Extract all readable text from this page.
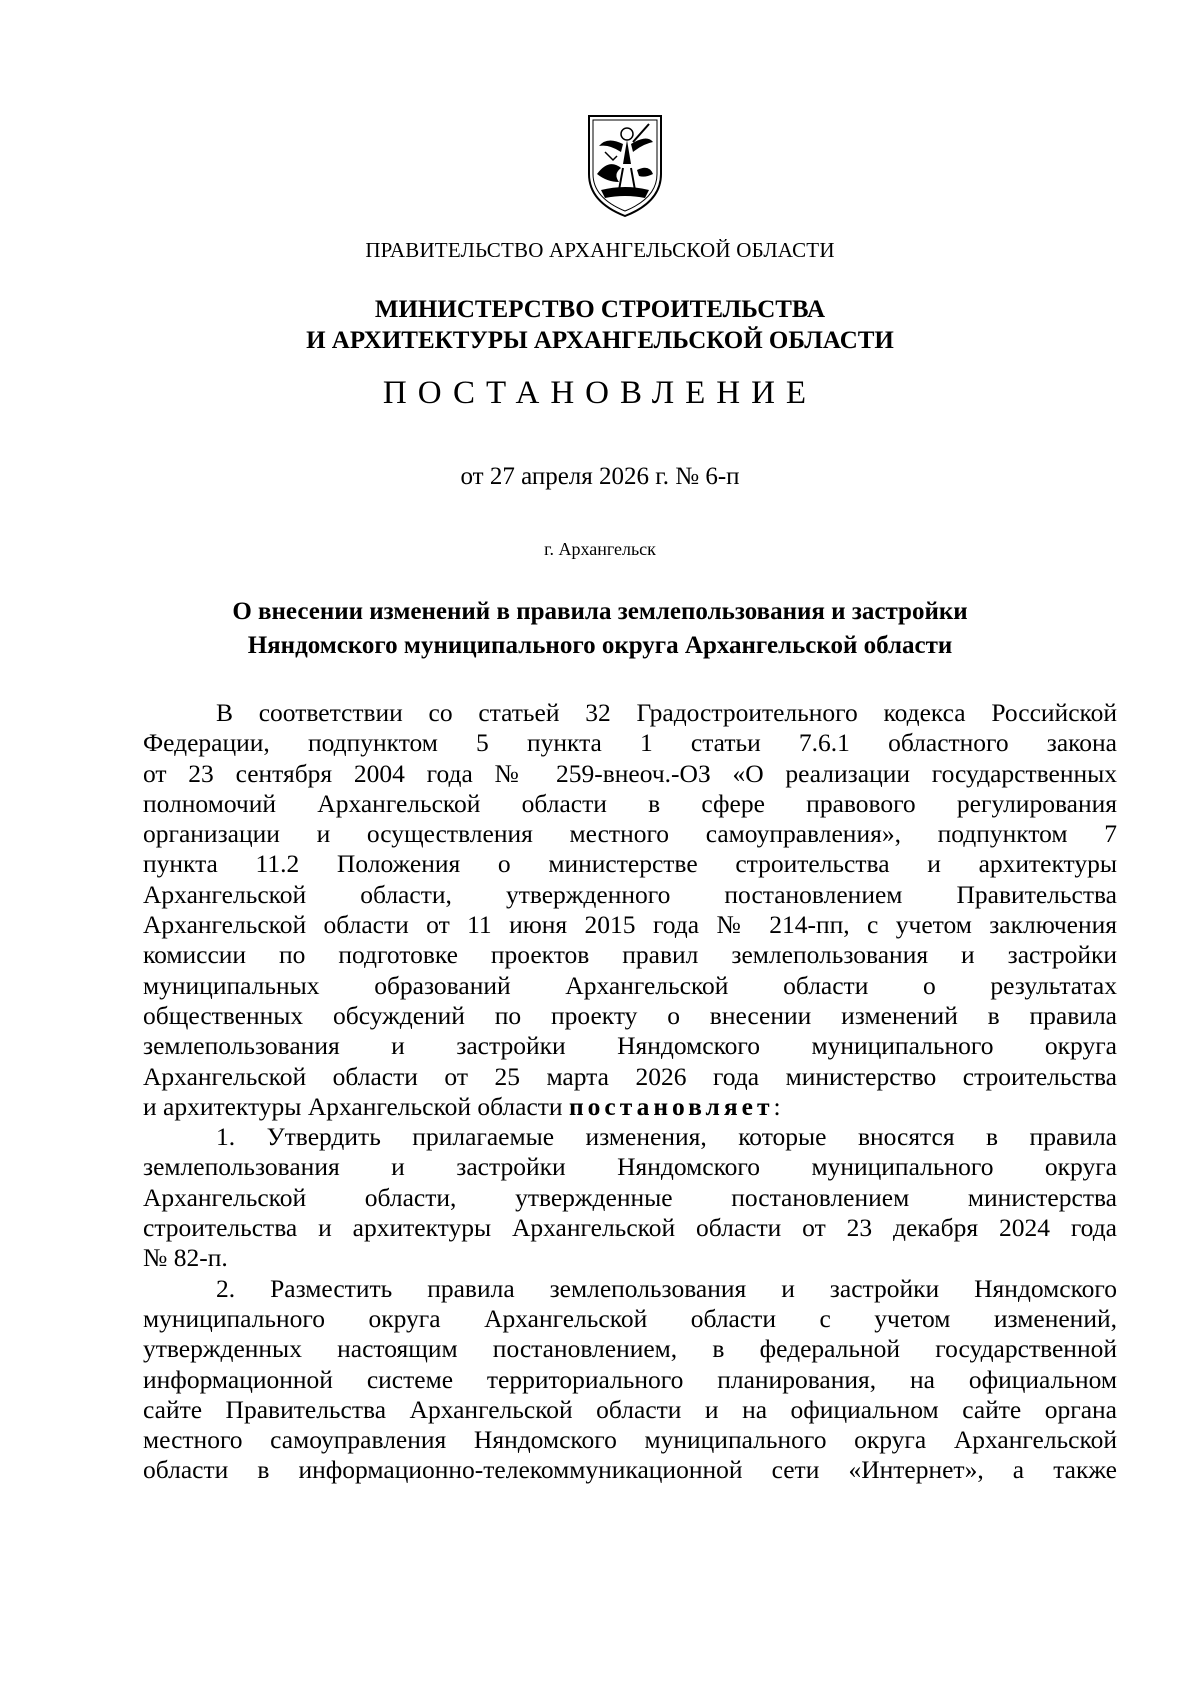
ПРАВИТЕЛЬСТВО АРХАНГЕЛЬСКОЙ ОБЛАСТИ
МИНИСТЕРСТВО СТРОИТЕЛЬСТВА
И АРХИТЕКТУРЫ АРХАНГЕЛЬСКОЙ ОБЛАСТИ
ПОСТАНОВЛЕНИЕ
от 27 апреля 2026 г. № 6-п
г. Архангельск
О внесении изменений в правила землепользования и застройки
Няндомского муниципального округа Архангельской области
В соответствии со статьей 32 Градостроительного кодекса Российской
Федерации, подпунктом 5 пункта 1 статьи 7.6.1 областного закона
от 23 сентября 2004 года № 259-внеоч.-ОЗ «О реализации государственных
полномочий Архангельской области в сфере правового регулирования
организации и осуществления местного самоуправления», подпунктом 7
пункта 11.2 Положения о министерстве строительства и архитектуры
Архангельской области, утвержденного постановлением Правительства
Архангельской области от 11 июня 2015 года № 214-пп, с учетом заключения
комиссии по подготовке проектов правил землепользования и застройки
муниципальных образований Архангельской области о результатах
общественных обсуждений по проекту о внесении изменений в правила
землепользования и застройки Няндомского муниципального округа
Архангельской области от 25 марта 2026 года министерство строительства
и архитектуры Архангельской области постановляет:
1. Утвердить прилагаемые изменения, которые вносятся в правила
землепользования и застройки Няндомского муниципального округа
Архангельской области, утвержденные постановлением министерства
строительства и архитектуры Архангельской области от 23 декабря 2024 года
№ 82-п.
2. Разместить правила землепользования и застройки Няндомского
муниципального округа Архангельской области с учетом изменений,
утвержденных настоящим постановлением, в федеральной государственной
информационной системе территориального планирования, на официальном
сайте Правительства Архангельской области и на официальном сайте органа
местного самоуправления Няндомского муниципального округа Архангельской
области в информационно-телекоммуникационной сети «Интернет», а также
